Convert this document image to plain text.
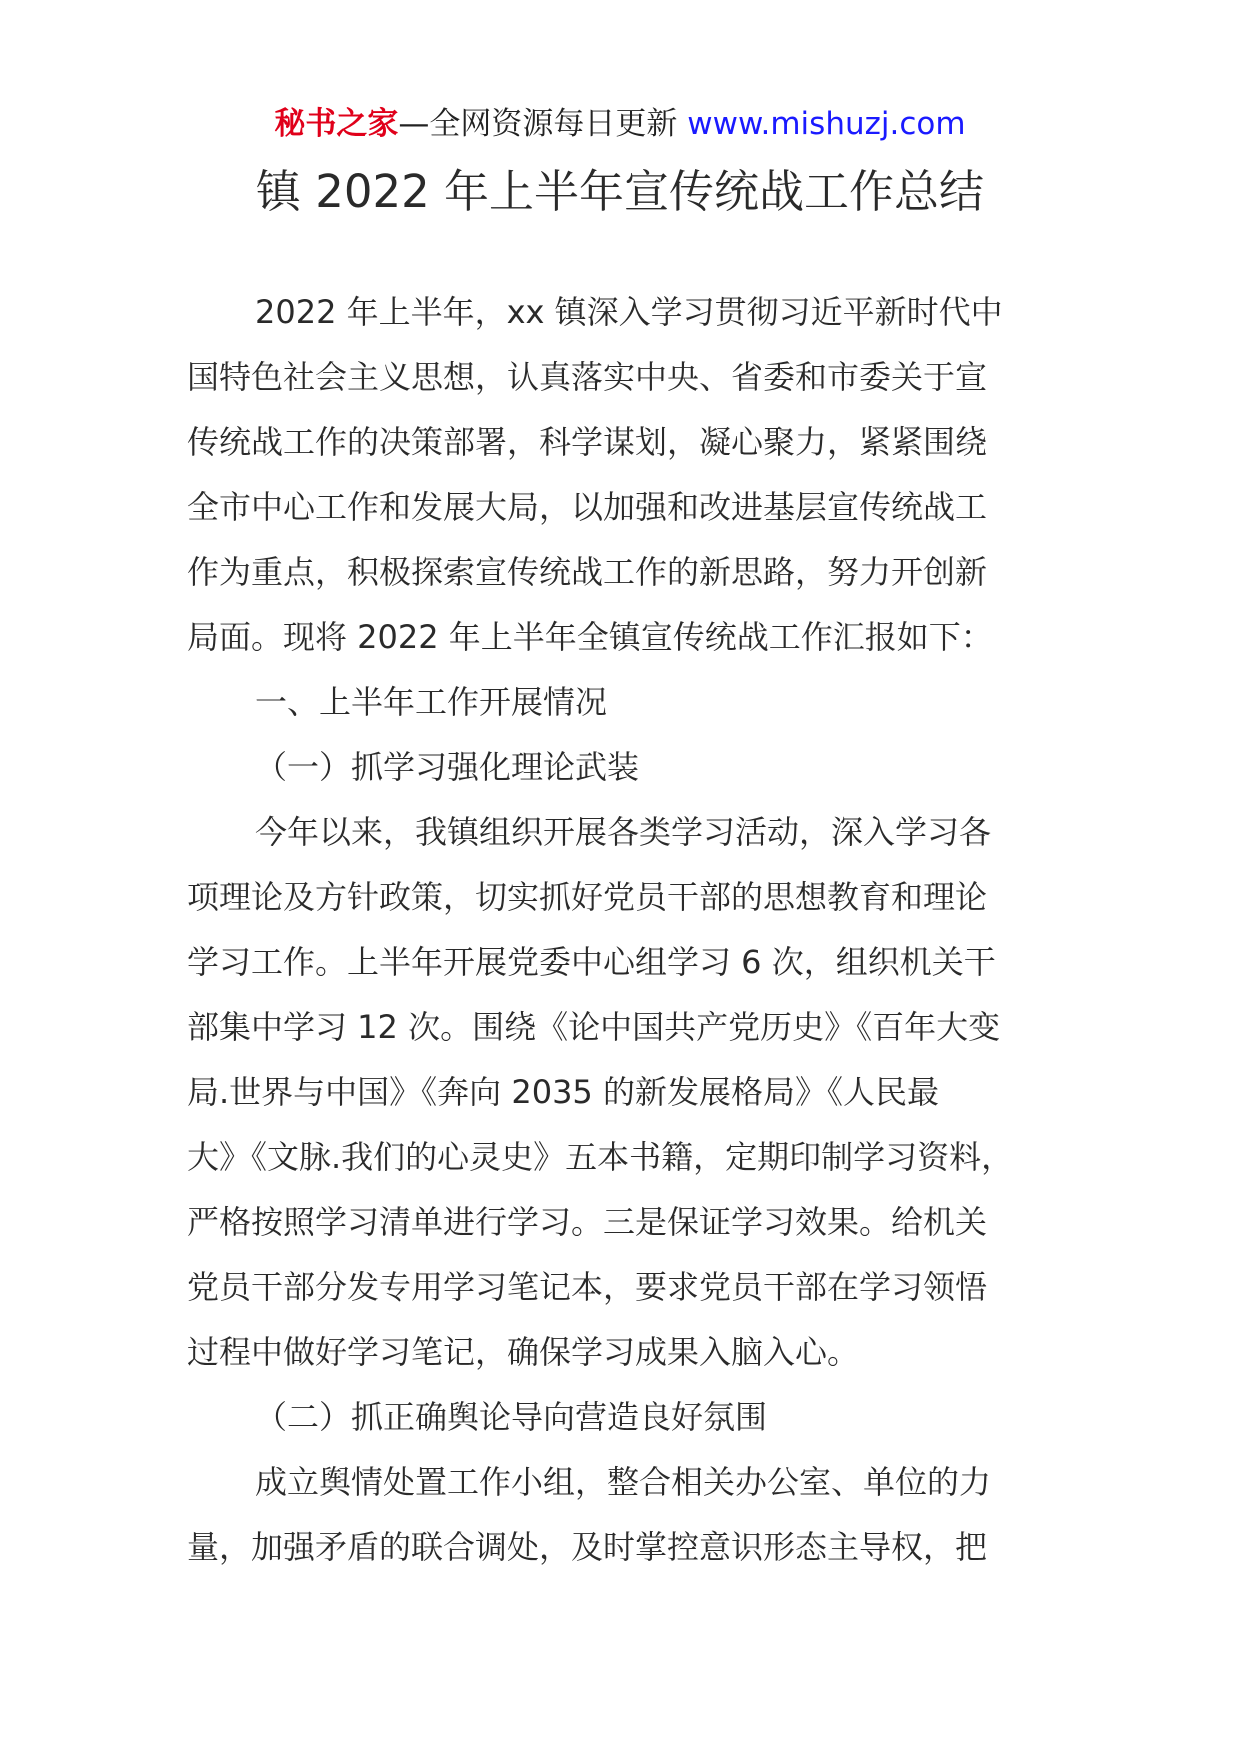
秘书之家—全网资源每日更新 www.mishuzj.com
镇 2022 年上半年宣传统战工作总结
2022 年上半年，xx 镇深入学习贯彻习近平新时代中
国特色社会主义思想，认真落实中央、省委和市委关于宣
传统战工作的决策部署，科学谋划，凝心聚力，紧紧围绕
全市中心工作和发展大局，以加强和改进基层宣传统战工
作为重点，积极探索宣传统战工作的新思路，努力开创新
局面。现将 2022 年上半年全镇宣传统战工作汇报如下：
一、上半年工作开展情况
（一）抓学习强化理论武装
今年以来，我镇组织开展各类学习活动，深入学习各
项理论及方针政策，切实抓好党员干部的思想教育和理论
学习工作。上半年开展党委中心组学习 6 次，组织机关干
部集中学习 12 次。围绕《论中国共产党历史》《百年大变
局.世界与中国》《奔向 2035 的新发展格局》《人民最
大》《文脉.我们的心灵史》五本书籍，定期印制学习资料，
严格按照学习清单进行学习。三是保证学习效果。给机关
党员干部分发专用学习笔记本，要求党员干部在学习领悟
过程中做好学习笔记，确保学习成果入脑入心。
（二）抓正确舆论导向营造良好氛围
成立舆情处置工作小组，整合相关办公室、单位的力
量，加强矛盾的联合调处，及时掌控意识形态主导权，把
